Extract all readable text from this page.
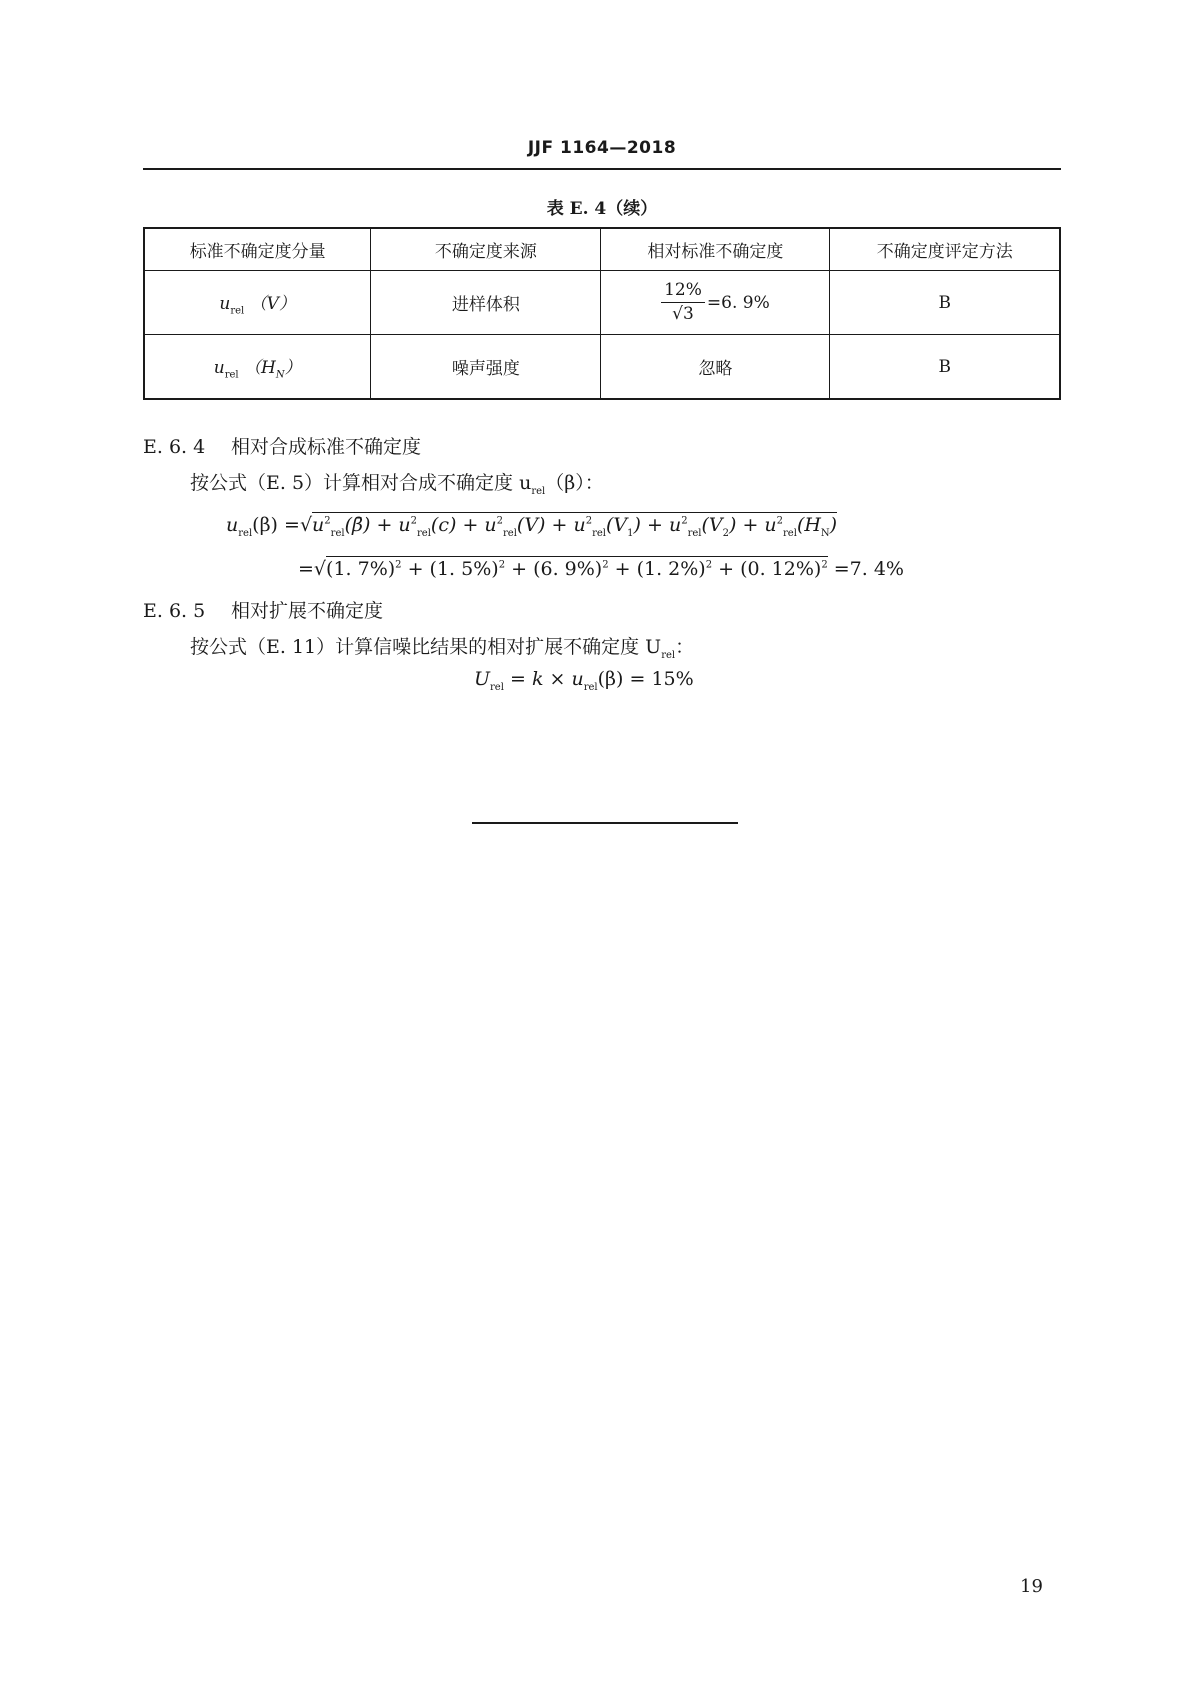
JJF 1164—2018
表 E. 4（续）
标准不确定度分量	不确定度来源	相对标准不确定度	不确定度评定方法
$u_{rel}$ （V）	进样体积	$\frac{12\%}{√3} =6$. 9%	B
$u_{rel}$ $(H_N)$	噪声强度	忽略	B
E. 6. 4 相对合成标准不确定度
按公式（E. 5）计算相对合成不确定度 $u_{rel}(\beta)$：
$u_{rel}(\beta)$ $=√u^2_{rel}(\betā) + u^2_{rel}(c) + u^2_{rel}(V) + u^2_{rel}(V_1) + u^2_{rel}(V_2) + u^2_{rel}(H_N)$
=√(1. 7%)$^2$ + (1. 5%)$^2$ + (6. 9%)$^2$ + (1. 2%)$^2$ + (0. 12%)$^2$ =7. 4%
E. 6. 5 相对扩展不确定度
按公式（E. 11）计算信噪比结果的相对扩展不确定度 $U_{rel}$：
$U_{rel} = k \times u_{rel}(\beta) = 15\%$
19
